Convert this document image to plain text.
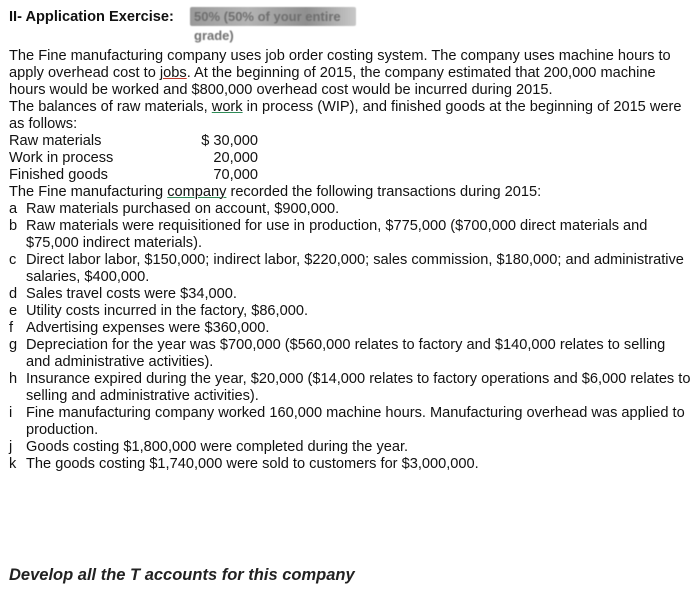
II- Application Exercise:	50% (50% of your entire grade)

The Fine manufacturing company uses job order costing system. The company uses machine hours to apply overhead cost to jobs. At the beginning of 2015, the company estimated that 200,000 machine hours would be worked and $800,000 overhead cost would be incurred during 2015.

The balances of raw materials, work in process (WIP), and finished goods at the beginning of 2015 were as follows:

Raw materials	$ 30,000
Work in process	20,000
Finished goods	70,000

The Fine manufacturing company recorded the following transactions during 2015:

a Raw materials purchased on account, $900,000.
b Raw materials were requisitioned for use in production, $775,000 ($700,000 direct materials and $75,000 indirect materials).
c Direct labor labor, $150,000; indirect labor, $220,000; sales commission, $180,000; and administrative salaries, $400,000.
d Sales travel costs were $34,000.
e Utility costs incurred in the factory, $86,000.
f Advertising expenses were $360,000.
g Depreciation for the year was $700,000 ($560,000 relates to factory and $140,000 relates to selling and administrative activities).
h Insurance expired during the year, $20,000 ($14,000 relates to factory operations and $6,000 relates to selling and administrative activities).
i Fine manufacturing company worked 160,000 machine hours. Manufacturing overhead was applied to production.
j Goods costing $1,800,000 were completed during the year.
k The goods costing $1,740,000 were sold to customers for $3,000,000.
Develop all the T accounts for this company
